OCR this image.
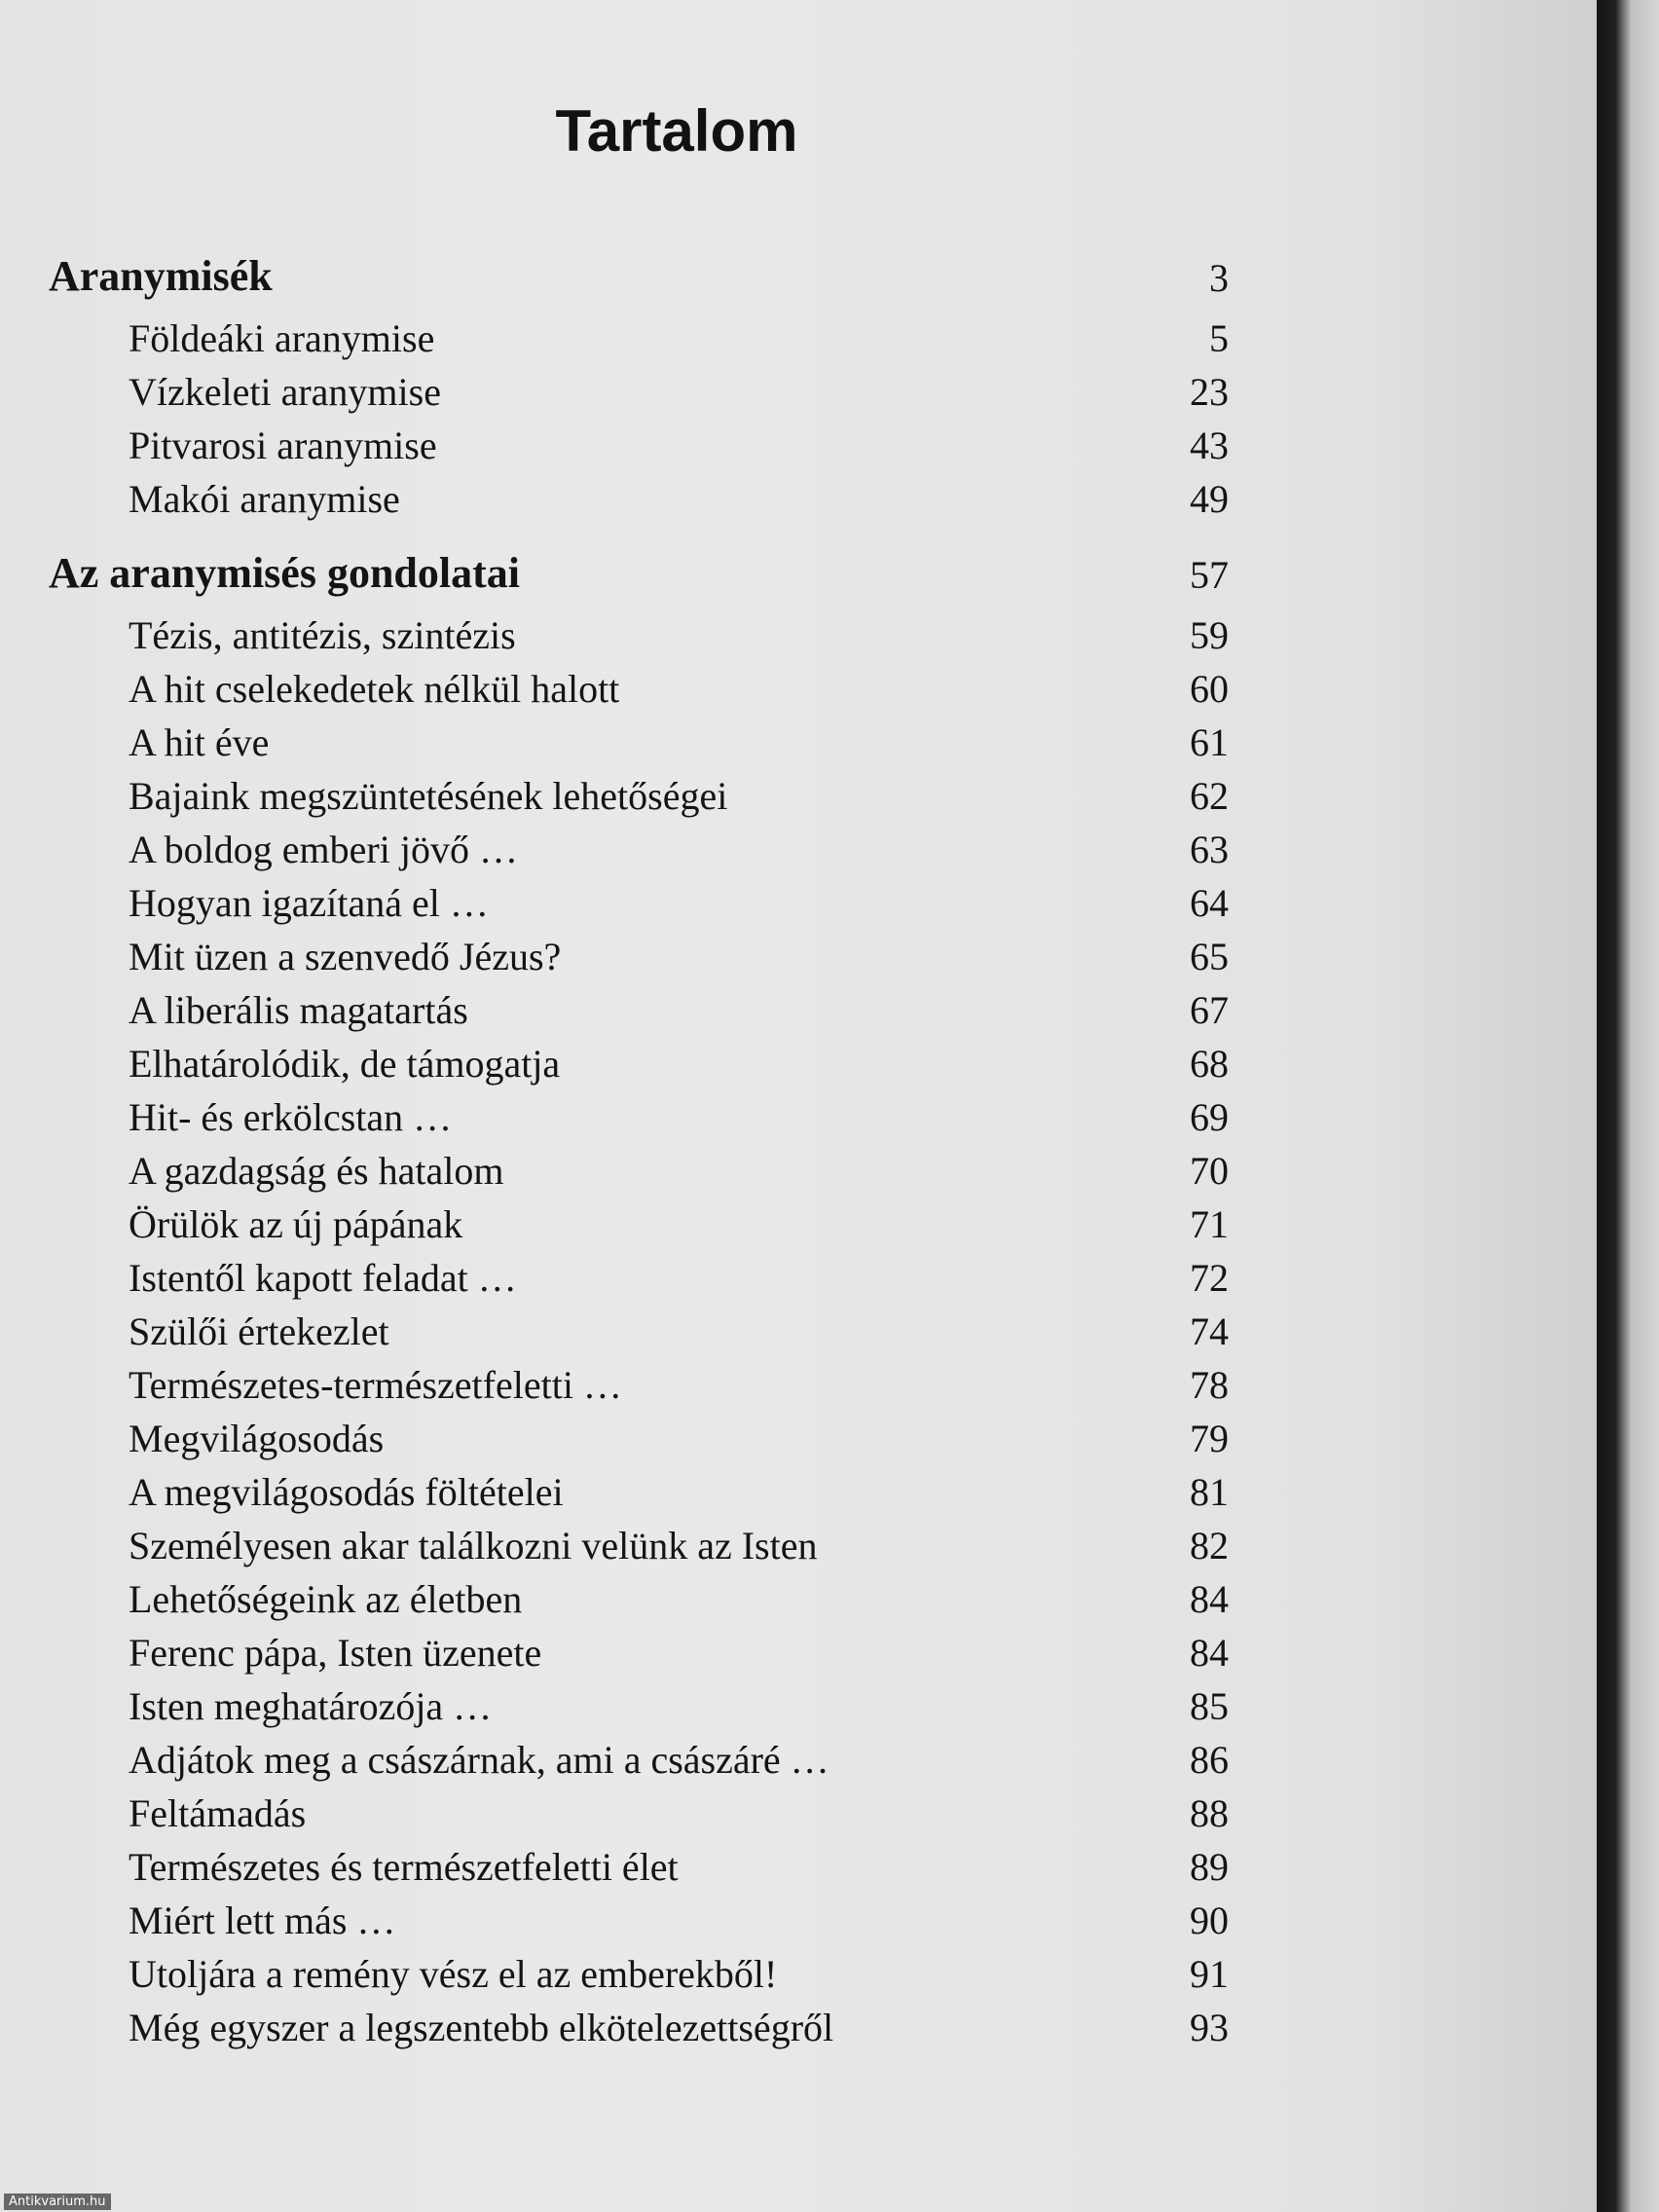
Tartalom
Aranymisék	3
Földeáki aranymise	5
Vízkeleti aranymise	23
Pitvarosi aranymise	43
Makói aranymise	49
Az aranymisés gondolatai	57
Tézis, antitézis, szintézis	59
A hit cselekedetek nélkül halott	60
A hit éve	61
Bajaink megszüntetésének lehetőségei	62
A boldog emberi jövő …	63
Hogyan igazítaná el …	64
Mit üzen a szenvedő Jézus?	65
A liberális magatartás	67
Elhatárolódik, de támogatja	68
Hit- és erkölcstan …	69
A gazdagság és hatalom	70
Örülök az új pápának	71
Istentől kapott feladat …	72
Szülői értekezlet	74
Természetes-természetfeletti …	78
Megvilágosodás	79
A megvilágosodás föltételei	81
Személyesen akar találkozni velünk az Isten	82
Lehetőségeink az életben	84
Ferenc pápa, Isten üzenete	84
Isten meghatározója …	85
Adjátok meg a császárnak, ami a császáré …	86
Feltámadás	88
Természetes és természetfeletti élet	89
Miért lett más …	90
Utoljára a remény vész el az emberekből!	91
Még egyszer a legszentebb elkötelezettségről	93
Antikvarium.hu
